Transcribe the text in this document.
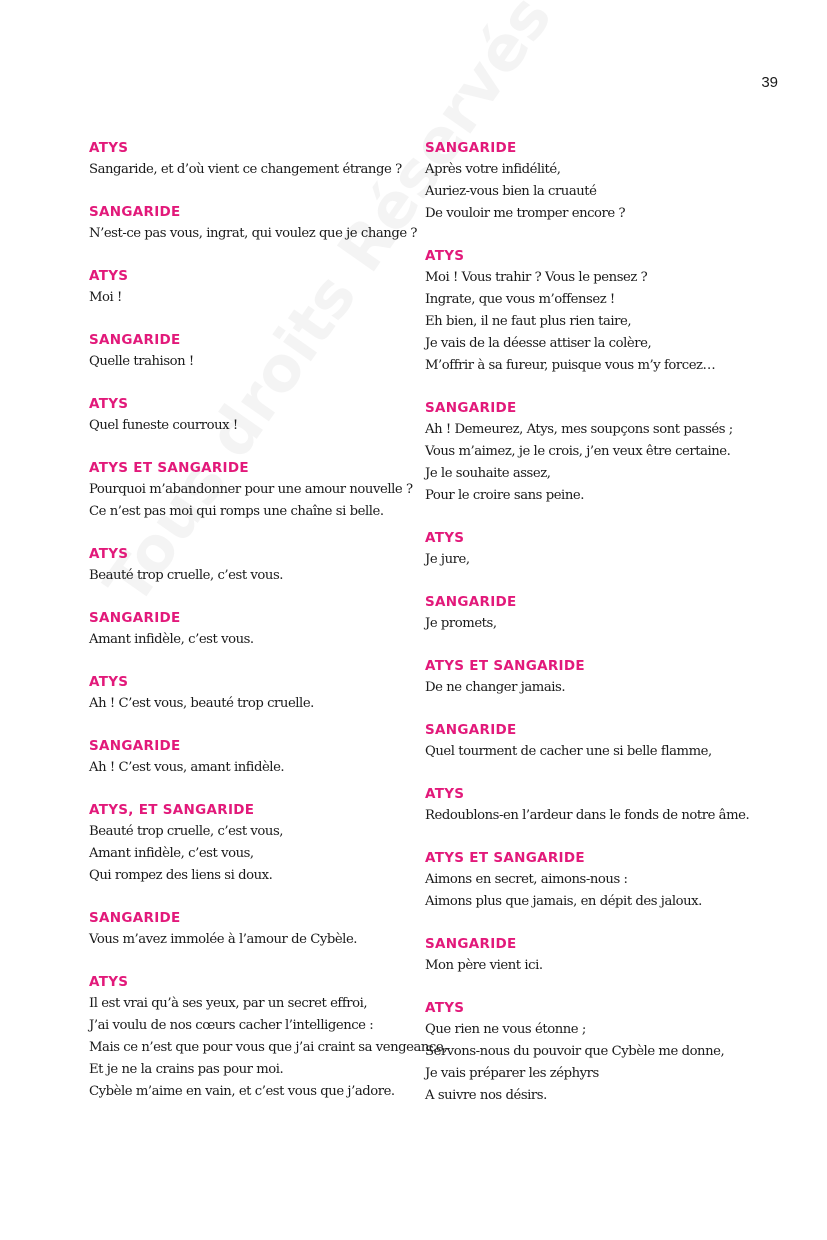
39
ATYS
Sangaride, et d’où vient ce changement étrange ?
SANGARIDE
N’est-ce pas vous, ingrat, qui voulez que je change ?
ATYS
Moi !
SANGARIDE
Quelle trahison !
ATYS
Quel funeste courroux !
ATYS ET SANGARIDE
Pourquoi m’abandonner pour une amour nouvelle ?
Ce n’est pas moi qui romps une chaîne si belle.
ATYS
Beauté trop cruelle, c’est vous.
SANGARIDE
Amant infidèle, c’est vous.
ATYS
Ah ! C’est vous, beauté trop cruelle.
SANGARIDE
Ah ! C’est vous, amant infidèle.
ATYS, ET SANGARIDE
Beauté trop cruelle, c’est vous,
Amant infidèle, c’est vous,
Qui rompez des liens si doux.
SANGARIDE
Vous m’avez immolée à l’amour de Cybèle.
ATYS
Il est vrai qu’à ses yeux, par un secret effroi,
J’ai voulu de nos cœurs cacher l’intelligence :
Mais ce n’est que pour vous que j’ai craint sa vengeance,
Et je ne la crains pas pour moi.
Cybèle m’aime en vain, et c’est vous que j’adore.
SANGARIDE
Après votre infidélité,
Auriez-vous bien la cruauté
De vouloir me tromper encore ?
ATYS
Moi ! Vous trahir ? Vous le pensez ?
Ingrate, que vous m’offensez !
Eh bien, il ne faut plus rien taire,
Je vais de la déesse attiser la colère,
M’offrir à sa fureur, puisque vous m’y forcez…
SANGARIDE
Ah ! Demeurez, Atys, mes soupçons sont passés ;
Vous m’aimez, je le crois, j’en veux être certaine.
Je le souhaite assez,
Pour le croire sans peine.
ATYS
Je jure,
SANGARIDE
Je promets,
ATYS ET SANGARIDE
De ne changer jamais.
SANGARIDE
Quel tourment de cacher une si belle flamme,
ATYS
Redoublons-en l’ardeur dans le fonds de notre âme.
ATYS ET SANGARIDE
Aimons en secret, aimons-nous :
Aimons plus que jamais, en dépit des jaloux.
SANGARIDE
Mon père vient ici.
ATYS
Que rien ne vous étonne ;
Servons-nous du pouvoir que Cybèle me donne,
Je vais préparer les zéphyrs
A suivre nos désirs.
